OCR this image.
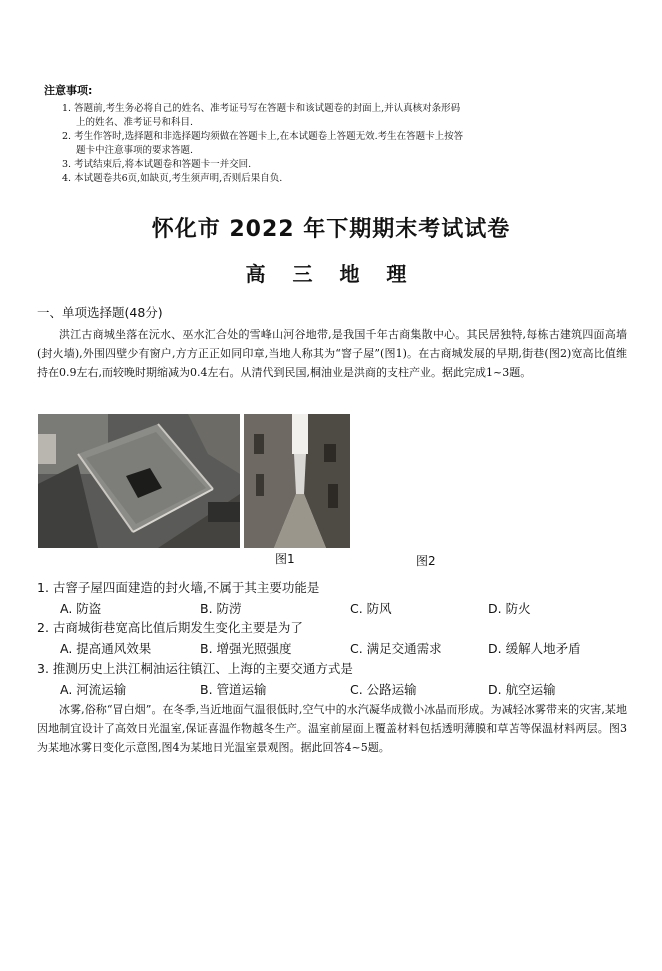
注意事项:

1. 答题前,考生务必将自己的姓名、准考证号写在答题卡和该试题卷的封面上,并认真核对条形码

上的姓名、准考证号和科目.

2. 考生作答时,选择题和非选择题均须做在答题卡上,在本试题卷上答题无效.考生在答题卡上按答

题卡中注意事项的要求答题.

3. 考试结束后,将本试题卷和答题卡一并交回.

4. 本试题卷共6页,如缺页,考生须声明,否则后果自负.

怀化市 2022 年下期期末考试试卷
高 三 地 理
一、单项选择题(48分)

洪江古商城坐落在沅水、巫水汇合处的雪峰山河谷地带,是我国千年古商集散中心。其民居独特,每栋古建筑四面高墙(封火墙),外围四壁少有窗户,方方正正如同印章,当地人称其为“窨子屋”(图1)。在古商城发展的早期,街巷(图2)宽高比值维持在0.9左右,而较晚时期缩减为0.4左右。从清代到民国,桐油业是洪商的支柱产业。据此完成1~3题。

图1	图2
1. 古窨子屋四面建造的封火墙,不属于其主要功能是
A. 防盗	B. 防涝	C. 防风	D. 防火
2. 古商城街巷宽高比值后期发生变化主要是为了
A. 提高通风效果	B. 增强光照强度	C. 满足交通需求	D. 缓解人地矛盾
3. 推测历史上洪江桐油运往镇江、上海的主要交通方式是
A. 河流运输	B. 管道运输	C. 公路运输	D. 航空运输

冰雾,俗称“冒白烟”。在冬季,当近地面气温很低时,空气中的水汽凝华成微小冰晶而形成。为减轻冰雾带来的灾害,某地因地制宜设计了高效日光温室,保证喜温作物越冬生产。温室前屋面上覆盖材料包括透明薄膜和草苫等保温材料两层。图3为某地冰雾日变化示意图,图4为某地日光温室景观图。据此回答4~5题。
